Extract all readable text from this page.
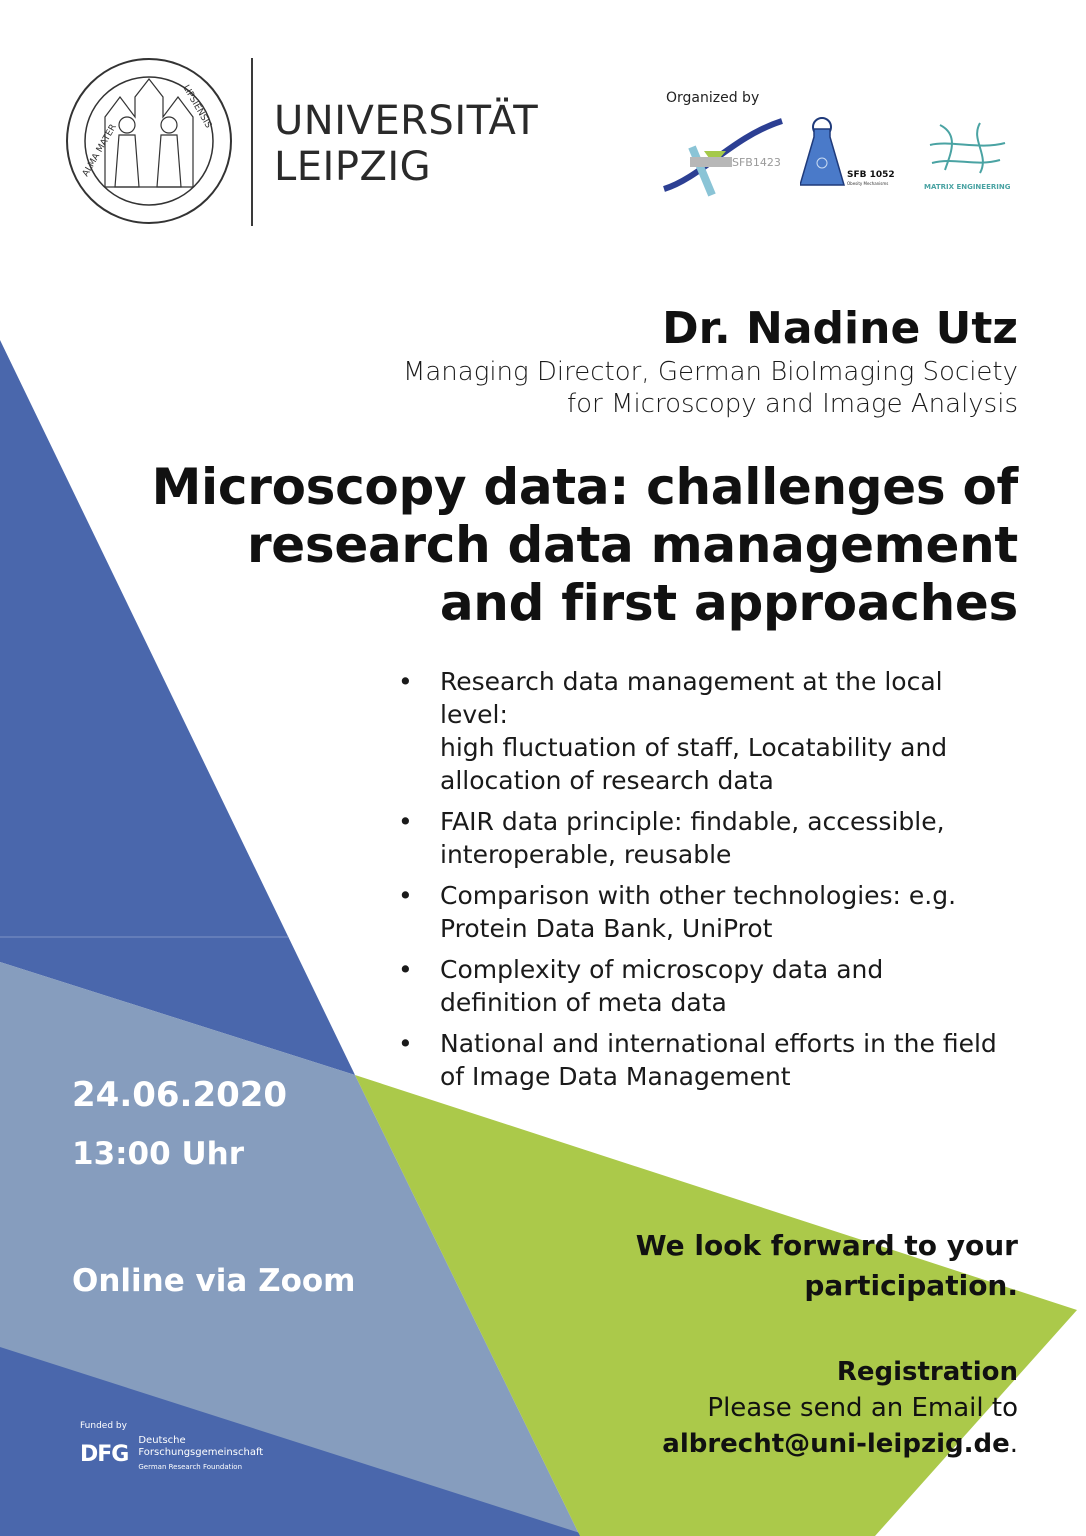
ALMA MATER
LIPSIENSIS UNIVERSITÄT
LEIPZIG
Organized by
SFB1423
SFB 1052
Obesity Mechanisms	MATRIX ENGINEERING
Dr. Nadine Utz
Managing Director, German BioImaging Society
for Microscopy and Image Analysis
Microscopy data: challenges of
research data management
and first approaches
• Research data management at the local
level:
high fluctuation of staff, Locatability and
allocation of research data
• FAIR data principle: findable, accessible,
interoperable, reusable
• Comparison with other technologies: e.g.
Protein Data Bank, UniProt
• Complexity of microscopy data and
definition of meta data
• National and international efforts in the field
of Image Data Management
24.06.2020
13:00 Uhr
Online via Zoom
We look forward to your
participation.
Registration
Please send an Email to
albrecht@uni-leipzig.de.
Funded by
DFG
Deutsche
Forschungsgemeinschaft
German Research Foundation
